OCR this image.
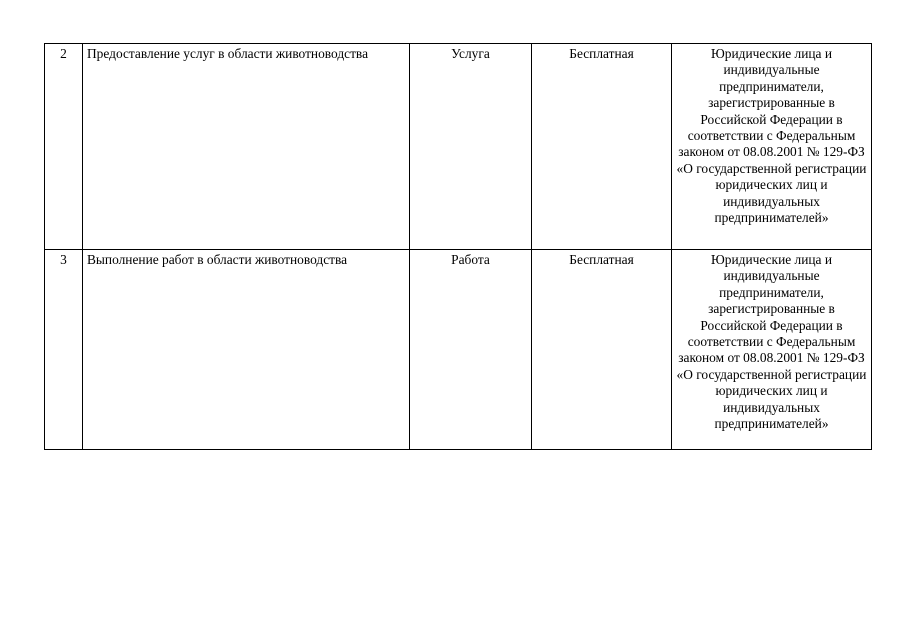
2	Предоставление услуг в области животноводства	Услуга	Бесплатная	Юридические лица и индивидуальные предприниматели, зарегистрированные в Российской Федерации в соответствии с Федеральным законом от 08.08.2001 № 129-ФЗ «О государственной регистрации юридических лиц и индивидуальных предпринимателей»
3	Выполнение работ в области животноводства	Работа	Бесплатная	Юридические лица и индивидуальные предприниматели, зарегистрированные в Российской Федерации в соответствии с Федеральным законом от 08.08.2001 № 129-ФЗ «О государственной регистрации юридических лиц и индивидуальных предпринимателей»
